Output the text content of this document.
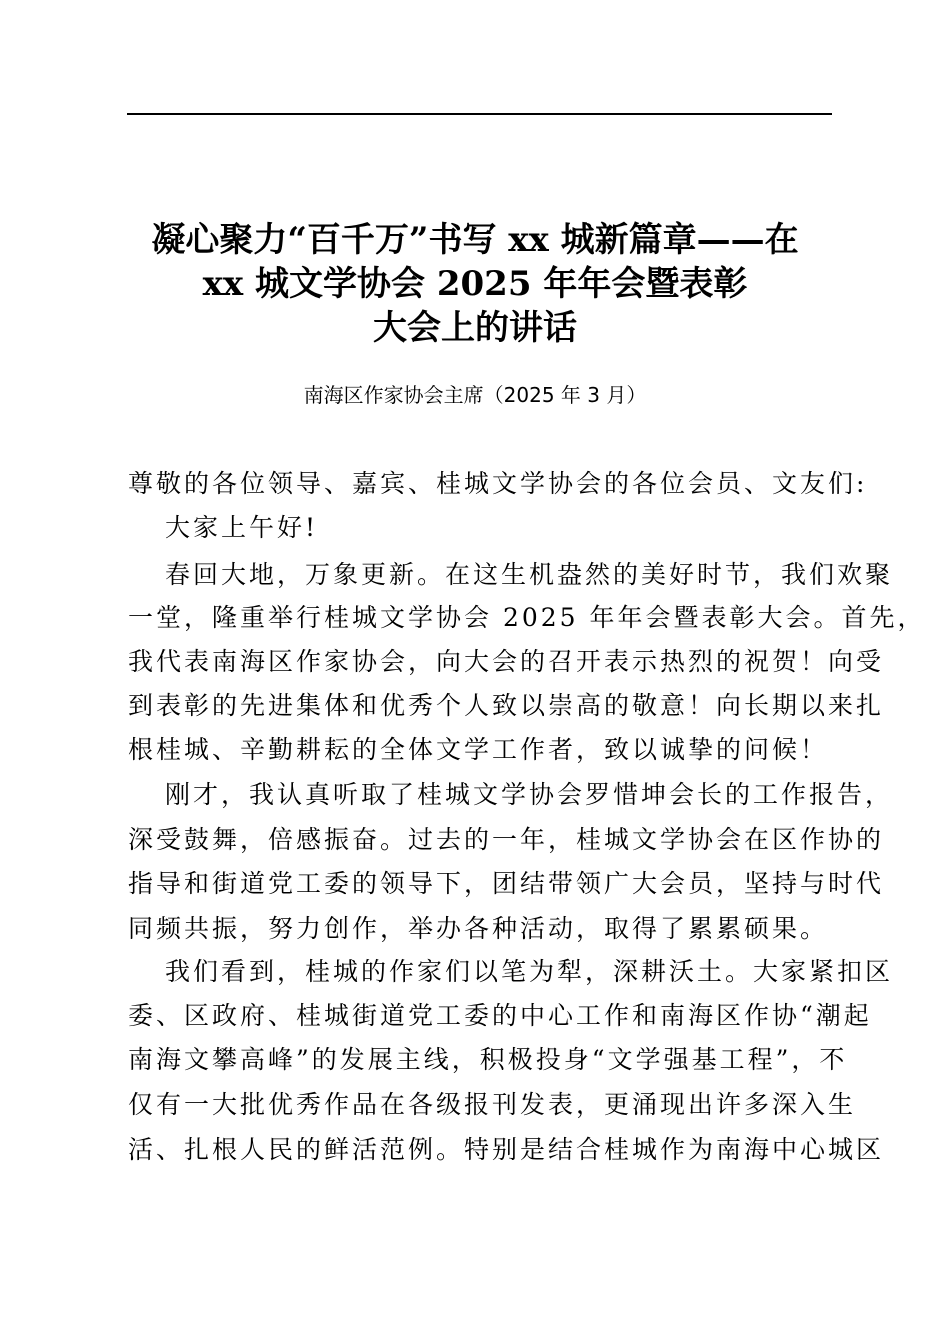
凝心聚力“百千万”书写 xx 城新篇章——在
xx 城文学协会 2025 年年会暨表彰
大会上的讲话
南海区作家协会主席（2025 年 3 月）
尊敬的各位领导、嘉宾、桂城文学协会的各位会员、文友们:
大家上午好!
春回大地，万象更新。在这生机盎然的美好时节，我们欢聚
一堂，隆重举行桂城文学协会 2025 年年会暨表彰大会。首先，
我代表南海区作家协会，向大会的召开表示热烈的祝贺！向受
到表彰的先进集体和优秀个人致以崇高的敬意！向长期以来扎
根桂城、辛勤耕耘的全体文学工作者，致以诚挚的问候！
刚才，我认真听取了桂城文学协会罗惜坤会长的工作报告，
深受鼓舞，倍感振奋。过去的一年，桂城文学协会在区作协的
指导和街道党工委的领导下，团结带领广大会员，坚持与时代
同频共振，努力创作，举办各种活动，取得了累累硕果。
我们看到，桂城的作家们以笔为犁，深耕沃土。大家紧扣区
委、区政府、桂城街道党工委的中心工作和南海区作协“潮起
南海文攀高峰”的发展主线，积极投身“文学强基工程”，不
仅有一大批优秀作品在各级报刊发表，更涌现出许多深入生
活、扎根人民的鲜活范例。特别是结合桂城作为南海中心城区
